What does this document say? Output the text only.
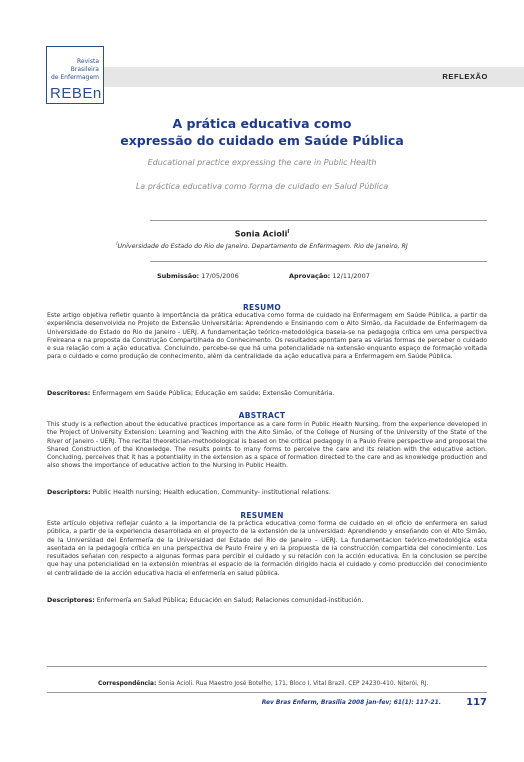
Revista
Brasileira
de Enfermagem
REBEn
REFLEXÃO
A prática educativa como
expressão do cuidado em Saúde Pública
Educational practice expressing the care in Public Health
La práctica educativa como forma de cuidado en Salud Pública
Sonia Acioli$^I$
$^I$Universidade do Estado do Rio de Janeiro. Departamento de Enfermagem. Rio de Janeiro, RJ
Submissão: 17/05/2006	Aprovação: 12/11/2007
RESUMO
Este artigo objetiva refletir quanto à importância da prática educativa como forma de cuidado na Enfermagem em Saúde Pública, a partir da experiência desenvolvida no Projeto de Extensão Universitária: Aprendendo e Ensinando com o Alto Simão, da Faculdade de Enfermagem da Universidade do Estado do Rio de Janeiro - UERJ. A fundamentação teórico-metodológica baseia-se na pedagogia crítica em uma perspectiva Freireana e na proposta da Construção Compartilhada do Conhecimento. Os resultados apontam para as várias formas de perceber o cuidado e sua relação com a ação educativa. Concluindo, percebe-se que há uma potencialidade na extensão enquanto espaço de formação voltada para o cuidado e como produção de conhecimento, além da centralidade da ação educativa para a Enfermagem em Saúde Pública.
Descritores: Enfermagem em Saúde Pública; Educação em saúde; Extensão Comunitária.
ABSTRACT
This study is a reflection about the educative practices importance as a care form in Public Health Nursing, from the experience developed in the Project of University Extension: Learning and Teaching with the Alto Simão, of the College of Nursing of the University of the State of the River of Janeiro - UERJ. The recital theoretician-methodological is based on the critical pedagogy in a Paulo Freire perspective and proposal the Shared Construction of the Knowledge. The results points to many forms to perceive the care and its relation with the educative action. Concluding, perceives that it has a potentiality in the extension as a space of formation directed to the care and as knowledge production and also shows the importance of educative action to the Nursing in Public Health.
Descriptors: Public Health nursing; Health education, Community- institutional relations.
RESUMEN
Este artículo objetiva reflejar cuánto a la importancia de la práctica educativa como forma de cuidado en el oficio de enfermera en salud pública, a partir de la experiencia desarrollada en el proyecto de la extensión de la universidad: Aprendiendo y enseñando con el Alto Simão, de la Universidad del Enfermería de la Universidad del Estado del Rio de Janeiro – UERJ. La fundamentacion teórico-metodológica esta asentada en la pedagogía crítica en una perspectiva de Paulo Freire y en la propuesta de la construcción compartida del conocimiento. Los resultados señalan con respecto a algunas formas para percibir el cuidado y su relación con la acción educativa. En la conclusion se percibe que hay una potencialidad en la extensión mientras el espacio de la formación dirigido hacia el cuidado y como producción del conocimiento el centralidade de la acción educativa hacia el enfermería en salud pública.
Descriptores: Enfermería en Salud Pública; Educación en Salud; Relaciones comunidad-institución.
Correspondência: Sonia Acioli. Rua Maestro José Botelho, 171, Bloco I, Vital Brazil. CEP 24230-410. Niterói, RJ.
Rev Bras Enferm, Brasília 2008 jan-fev; 61(1): 117-21.	117
